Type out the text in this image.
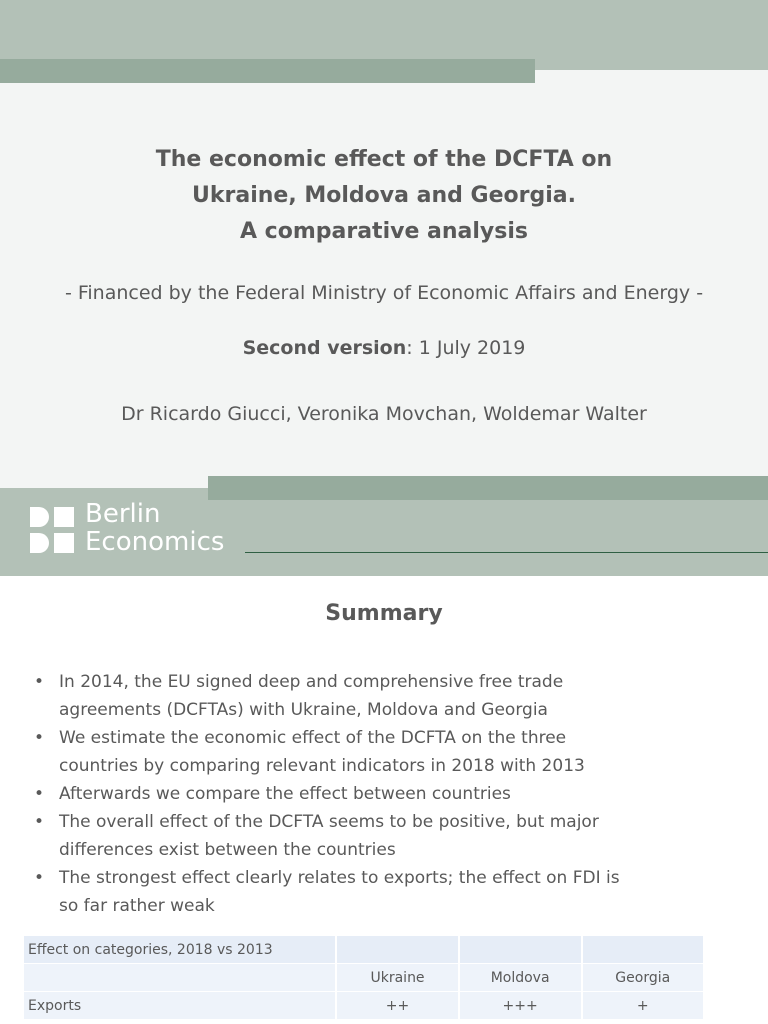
The economic effect of the DCFTA on
Ukraine, Moldova and Georgia.
A comparative analysis
- Financed by the Federal Ministry of Economic Affairs and Energy -
Second version: 1 July 2019
Dr Ricardo Giucci, Veronika Movchan, Woldemar Walter
Berlin
Economics
Summary
• In 2014, the EU signed deep and comprehensive free trade
agreements (DCFTAs) with Ukraine, Moldova and Georgia
• We estimate the economic effect of the DCFTA on the three
countries by comparing relevant indicators in 2018 with 2013
• Afterwards we compare the effect between countries
• The overall effect of the DCFTA seems to be positive, but major
differences exist between the countries
• The strongest effect clearly relates to exports; the effect on FDI is
so far rather weak
Effect on categories, 2018 vs 2013			
	Ukraine	Moldova	Georgia
Exports	++	+++	+
